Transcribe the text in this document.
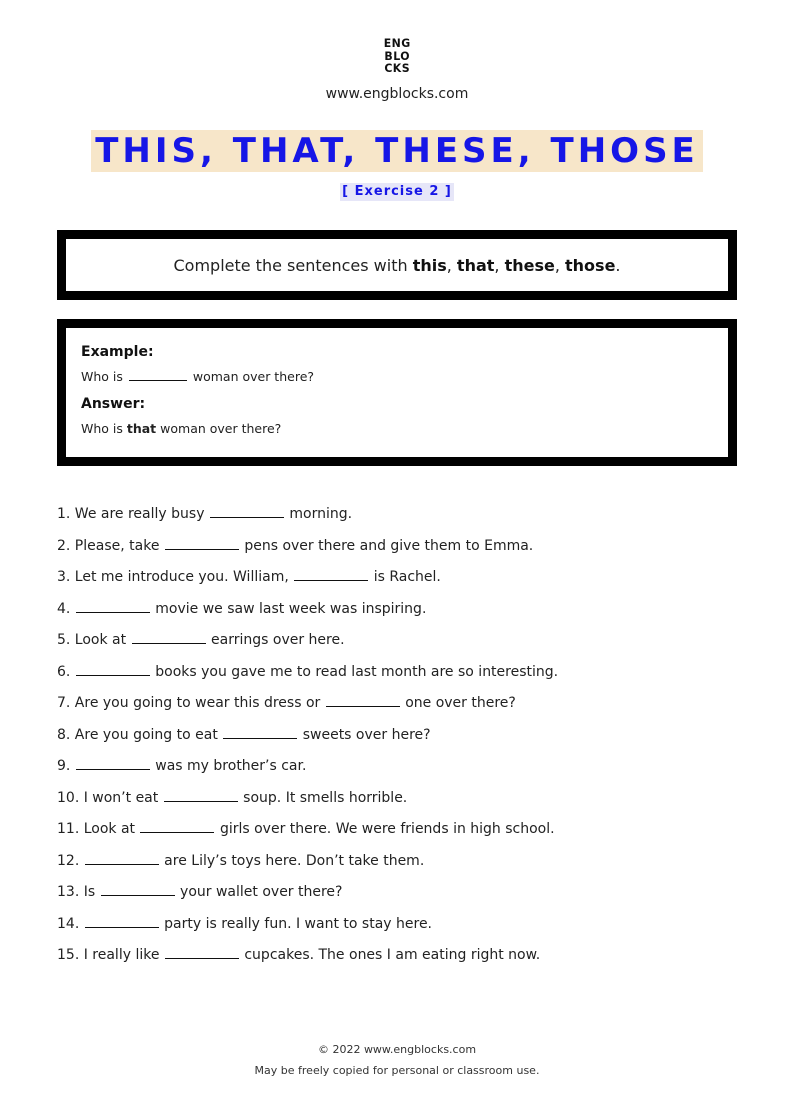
ENG
BLO
CKS
www.engblocks.com
THIS, THAT, THESE, THOSE
[ Exercise 2 ]
Complete the sentences with this, that, these, those.

Example:

Who is	woman over there?

Answer:

Who is that woman over there?

1. We are really busy	morning.
2. Please, take	pens over there and give them to Emma.
3. Let me introduce you. William,	is Rachel.
4.	movie we saw last week was inspiring.
5. Look at	earrings over here.
6.	books you gave me to read last month are so interesting.
7. Are you going to wear this dress or	one over there?
8. Are you going to eat	sweets over here?
9.	was my brother’s car.
10. I won’t eat	soup. It smells horrible.
11. Look at	girls over there. We were friends in high school.
12.	are Lily’s toys here. Don’t take them.
13. Is	your wallet over there?
14.	party is really fun. I want to stay here.
15. I really like	cupcakes. The ones I am eating right now.
© 2022 www.engblocks.com
May be freely copied for personal or classroom use.
